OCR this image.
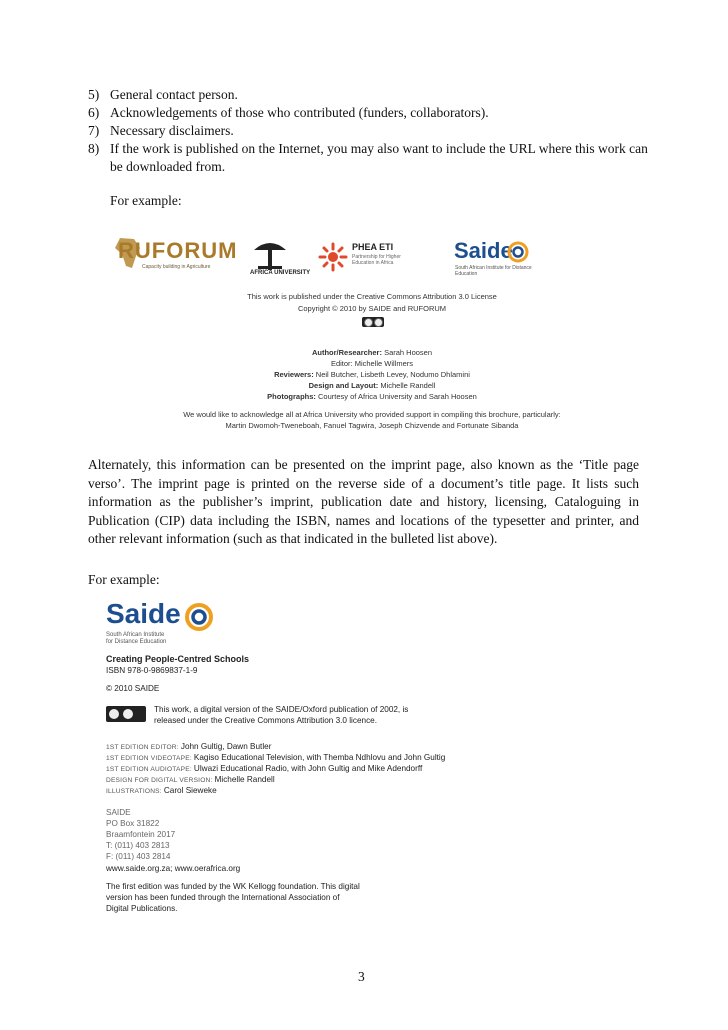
5) General contact person.
6) Acknowledgements of those who contributed (funders, collaborators).
7) Necessary disclaimers.
8) If the work is published on the Internet, you may also want to include the URL where this work can be downloaded from.
For example:
RUFORUM
Capacity building in Agriculture
AFRICA UNIVERSITY
PHEA ETI
Partnership for Higher Education in Africa	Saide
South African Institute for Distance Education
This work is published under the Creative Commons Attribution 3.0 License
Copyright © 2010 by SAIDE and RUFORUM
Author/Researcher: Sarah Hoosen
Editor: Michelle Willmers
Reviewers: Neil Butcher, Lisbeth Levey, Nodumo Dhlamini
Design and Layout: Michelle Randell
Photographs: Courtesy of Africa University and Sarah Hoosen
We would like to acknowledge all at Africa University who provided support in compiling this brochure, particularly:
Martin Dwomoh-Tweneboah, Fanuel Tagwira, Joseph Chizvende and Fortunate Sibanda
Alternately, this information can be presented on the imprint page, also known as the ‘Title page verso’. The imprint page is printed on the reverse side of a document’s title page. It lists such information as the publisher’s imprint, publication date and history, licensing, Cataloguing in Publication (CIP) data including the ISBN, names and locations of the typesetter and printer, and other relevant information (such as that indicated in the bulleted list above).
For example:
Saide
South African Institute
for Distance Education
Creating People-Centred Schools
ISBN 978-0-9869837-1-9
© 2010 SAIDE
This work, a digital version of the SAIDE/Oxford publication of 2002, is
released under the Creative Commons Attribution 3.0 licence.
1ST EDITION EDITOR: John Gultig, Dawn Butler
1ST EDITION VIDEOTAPE: Kagiso Educational Television, with Themba Ndhlovu and John Gultig
1ST EDITION AUDIOTAPE: Ulwazi Educational Radio, with John Gultig and Mike Adendorff
DESIGN FOR DIGITAL VERSION: Michelle Randell
ILLUSTRATIONS: Carol Sieweke
SAIDE
PO Box 31822
Braamfontein 2017
T: (011) 403 2813
F: (011) 403 2814
www.saide.org.za; www.oerafrica.org
The first edition was funded by the WK Kellogg foundation. This digital
version has been funded through the International Association of
Digital Publications.
3
